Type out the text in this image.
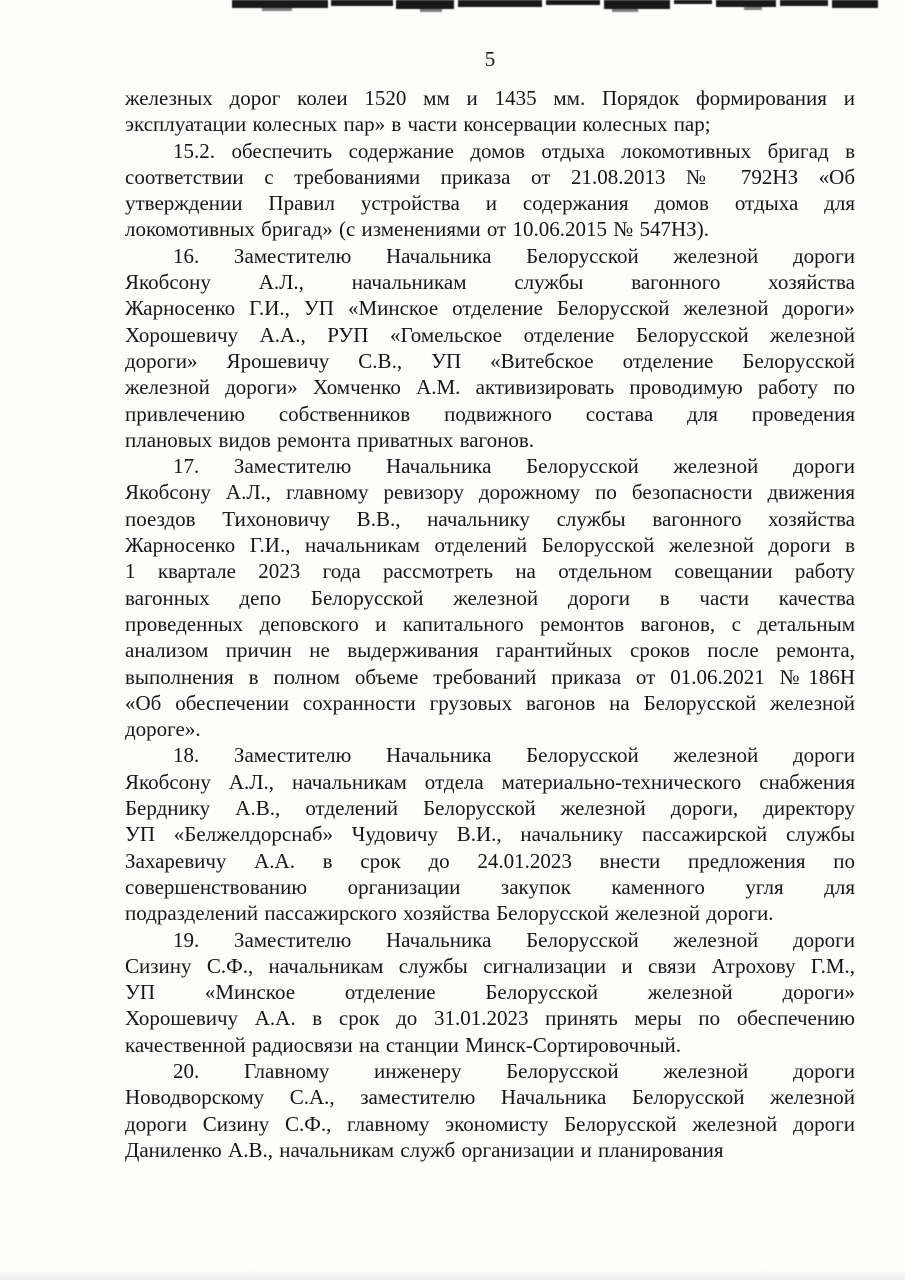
5
железных дорог колеи 1520 мм и 1435 мм. Порядок формирования и
эксплуатации колесных пар» в части консервации колесных пар;
15.2. обеспечить содержание домов отдыха локомотивных бригад в
соответствии с требованиями приказа от 21.08.2013 № 792НЗ «Об
утверждении Правил устройства и содержания домов отдыха для
локомотивных бригад» (с изменениями от 10.06.2015 № 547НЗ).
16. Заместителю Начальника Белорусской железной дороги
Якобсону А.Л., начальникам службы вагонного хозяйства
Жарносенко Г.И., УП «Минское отделение Белорусской железной дороги»
Хорошевичу А.А., РУП «Гомельское отделение Белорусской железной
дороги» Ярошевичу С.В., УП «Витебское отделение Белорусской
железной дороги» Хомченко А.М. активизировать проводимую работу по
привлечению собственников подвижного состава для проведения
плановых видов ремонта приватных вагонов.
17. Заместителю Начальника Белорусской железной дороги
Якобсону А.Л., главному ревизору дорожному по безопасности движения
поездов Тихоновичу В.В., начальнику службы вагонного хозяйства
Жарносенко Г.И., начальникам отделений Белорусской железной дороги в
1 квартале 2023 года рассмотреть на отдельном совещании работу
вагонных депо Белорусской железной дороги в части качества
проведенных деповского и капитального ремонтов вагонов, с детальным
анализом причин не выдерживания гарантийных сроков после ремонта,
выполнения в полном объеме требований приказа от 01.06.2021 №186Н
«Об обеспечении сохранности грузовых вагонов на Белорусской железной
дороге».
18. Заместителю Начальника Белорусской железной дороги
Якобсону А.Л., начальникам отдела материально-технического снабжения
Берднику А.В., отделений Белорусской железной дороги, директору
УП «Белжелдорснаб» Чудовичу В.И., начальнику пассажирской службы
Захаревичу А.А. в срок до 24.01.2023 внести предложения по
совершенствованию организации закупок каменного угля для
подразделений пассажирского хозяйства Белорусской железной дороги.
19. Заместителю Начальника Белорусской железной дороги
Сизину С.Ф., начальникам службы сигнализации и связи Атрохову Г.М.,
УП «Минское отделение Белорусской железной дороги»
Хорошевичу А.А. в срок до 31.01.2023 принять меры по обеспечению
качественной радиосвязи на станции Минск-Сортировочный.
20. Главному инженеру Белорусской железной дороги
Новодворскому С.А., заместителю Начальника Белорусской железной
дороги Сизину С.Ф., главному экономисту Белорусской железной дороги
Даниленко А.В., начальникам служб организации и планирования
